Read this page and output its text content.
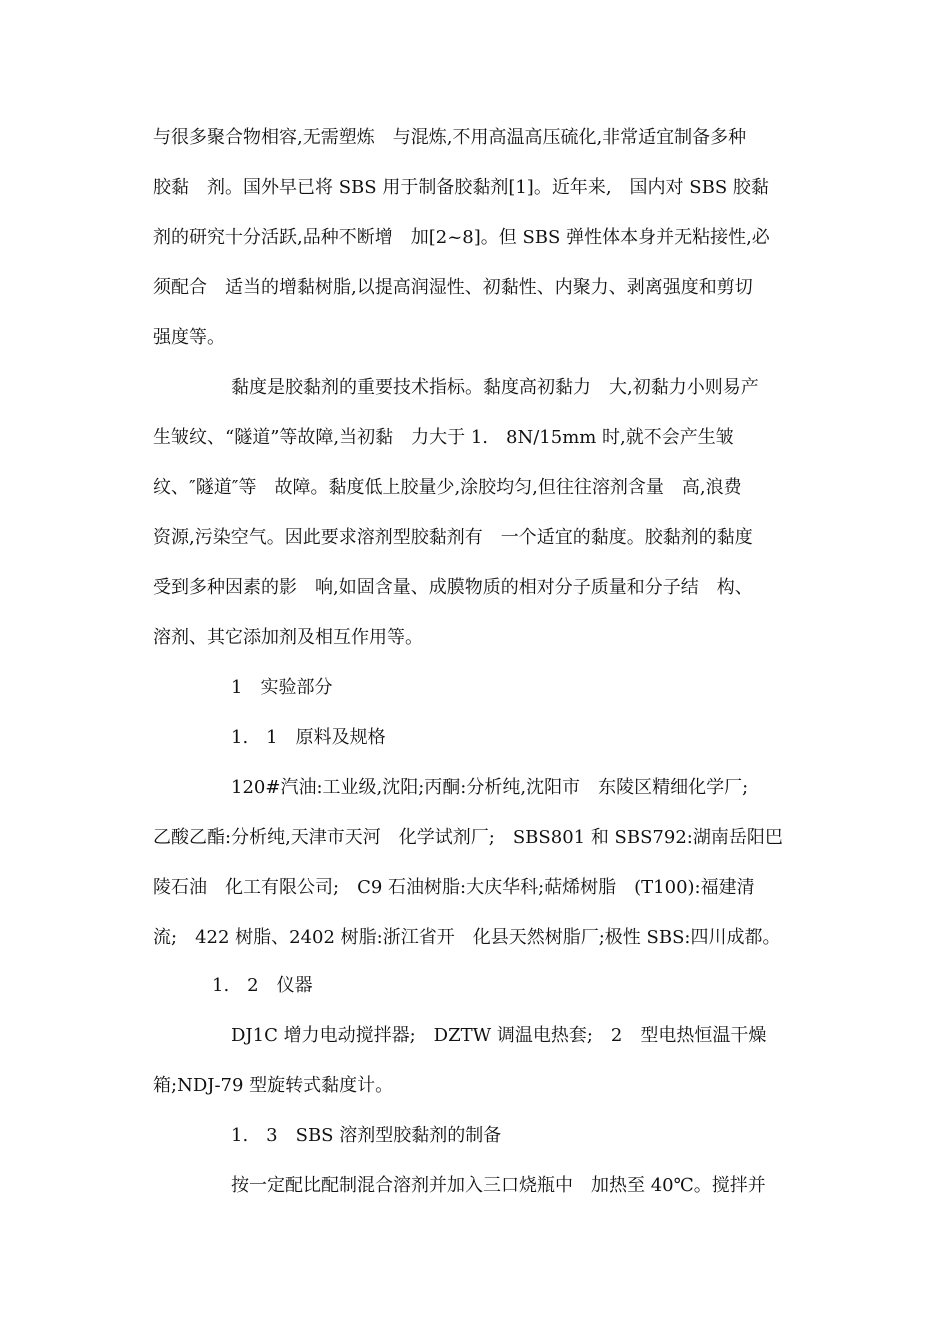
与很多聚合物相容,无需塑炼　与混炼,不用高温高压硫化,非常适宜制备多种

胶黏　剂。国外早已将 SBS 用于制备胶黏剂[1]。近年来,　国内对 SBS 胶黏

剂的研究十分活跃,品种不断增　加[2~8]。但 SBS 弹性体本身并无粘接性,必

须配合　适当的增黏树脂,以提高润湿性、初黏性、内聚力、剥离强度和剪切

强度等。

黏度是胶黏剂的重要技术指标。黏度高初黏力　大,初黏力小则易产

生皱纹、“隧道”等故障,当初黏　力大于 1.　8N/15mm 时,就不会产生皱

纹、″隧道″等　故障。黏度低上胶量少,涂胶均匀,但往往溶剂含量　高,浪费

资源,污染空气。因此要求溶剂型胶黏剂有　一个适宜的黏度。胶黏剂的黏度

受到多种因素的影　响,如固含量、成膜物质的相对分子质量和分子结　构、

溶剂、其它添加剂及相互作用等。

1　实验部分

1.　1　原料及规格

120#汽油:工业级,沈阳;丙酮:分析纯,沈阳市　东陵区精细化学厂;

乙酸乙酯:分析纯,天津市天河　化学试剂厂;　SBS801 和 SBS792:湖南岳阳巴

陵石油　化工有限公司;　C9 石油树脂:大庆华科;萜烯树脂　(T100):福建清

流;　422 树脂、2402 树脂:浙江省开　化县天然树脂厂;极性 SBS:四川成都。

1.　2　仪器

DJ1C 增力电动搅拌器;　DZTW 调温电热套;　2　型电热恒温干燥

箱;NDJ-79 型旋转式黏度计。

1.　3　SBS 溶剂型胶黏剂的制备

按一定配比配制混合溶剂并加入三口烧瓶中　加热至 40℃。搅拌并
